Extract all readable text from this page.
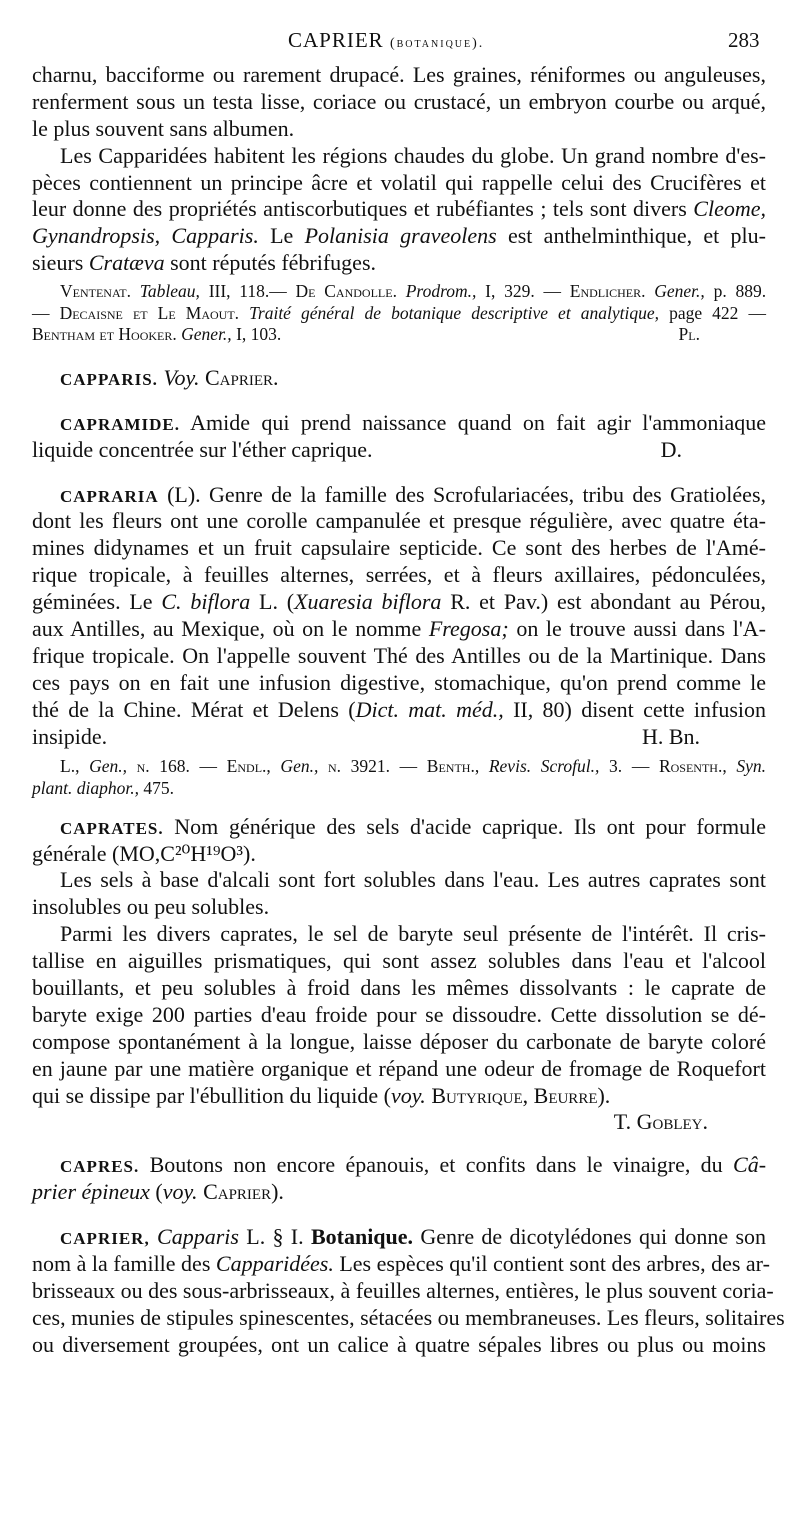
CAPRIER (botanique).	283
charnu, bacciforme ou rarement drupacé. Les graines, réniformes ou anguleuses,
renferment sous un testa lisse, coriace ou crustacé, un embryon courbe ou arqué,
le plus souvent sans albumen.
Les Capparidées habitent les régions chaudes du globe. Un grand nombre d'es-
pèces contiennent un principe âcre et volatil qui rappelle celui des Crucifères et
leur donne des propriétés antiscorbutiques et rubéfiantes ; tels sont divers Cleome,
Gynandropsis, Capparis. Le Polanisia graveolens est anthelminthique, et plu-
sieurs Cratæva sont réputés fébrifuges.
Ventenat. Tableau, III, 118.— De Candolle. Prodrom., I, 329. — Endlicher. Gener., p. 889.
— Decaisne et Le Maout. Traité général de botanique descriptive et analytique, page 422 —
Bentham et Hooker. Gener., I, 103.	Pl.
CAPPARIS. Voy. Caprier.
CAPRAMIDE. Amide qui prend naissance quand on fait agir l'ammoniaque
liquide concentrée sur l'éther caprique.	D.
CAPRARIA (L). Genre de la famille des Scrofulariacées, tribu des Gratiolées,
dont les fleurs ont une corolle campanulée et presque régulière, avec quatre éta-
mines didynames et un fruit capsulaire septicide. Ce sont des herbes de l'Amé-
rique tropicale, à feuilles alternes, serrées, et à fleurs axillaires, pédonculées,
géminées. Le C. biflora L. (Xuaresia biflora R. et Pav.) est abondant au Pérou,
aux Antilles, au Mexique, où on le nomme Fregosa; on le trouve aussi dans l'A-
frique tropicale. On l'appelle souvent Thé des Antilles ou de la Martinique. Dans
ces pays on en fait une infusion digestive, stomachique, qu'on prend comme le
thé de la Chine. Mérat et Delens (Dict. mat. méd., II, 80) disent cette infusion
insipide.	H. Bn.
L., Gen., n. 168. — Endl., Gen., n. 3921. — Benth., Revis. Scroful., 3. — Rosenth., Syn.
plant. diaphor., 475.
CAPRATES. Nom générique des sels d'acide caprique. Ils ont pour formule
générale (MO,C²⁰H¹⁹O³).
Les sels à base d'alcali sont fort solubles dans l'eau. Les autres caprates sont
insolubles ou peu solubles.
Parmi les divers caprates, le sel de baryte seul présente de l'intérêt. Il cris-
tallise en aiguilles prismatiques, qui sont assez solubles dans l'eau et l'alcool
bouillants, et peu solubles à froid dans les mêmes dissolvants : le caprate de
baryte exige 200 parties d'eau froide pour se dissoudre. Cette dissolution se dé-
compose spontanément à la longue, laisse déposer du carbonate de baryte coloré
en jaune par une matière organique et répand une odeur de fromage de Roquefort
qui se dissipe par l'ébullition du liquide (voy. Butyrique, Beurre).
T. Gobley.
CAPRES. Boutons non encore épanouis, et confits dans le vinaigre, du Câ-
prier épineux (voy. Caprier).
CAPRIER, Capparis L. § I. Botanique. Genre de dicotylédones qui donne son
nom à la famille des Capparidées. Les espèces qu'il contient sont des arbres, des ar-
brisseaux ou des sous-arbrisseaux, à feuilles alternes, entières, le plus souvent coria-
ces, munies de stipules spinescentes, sétacées ou membraneuses. Les fleurs, solitaires
ou diversement groupées, ont un calice à quatre sépales libres ou plus ou moins
